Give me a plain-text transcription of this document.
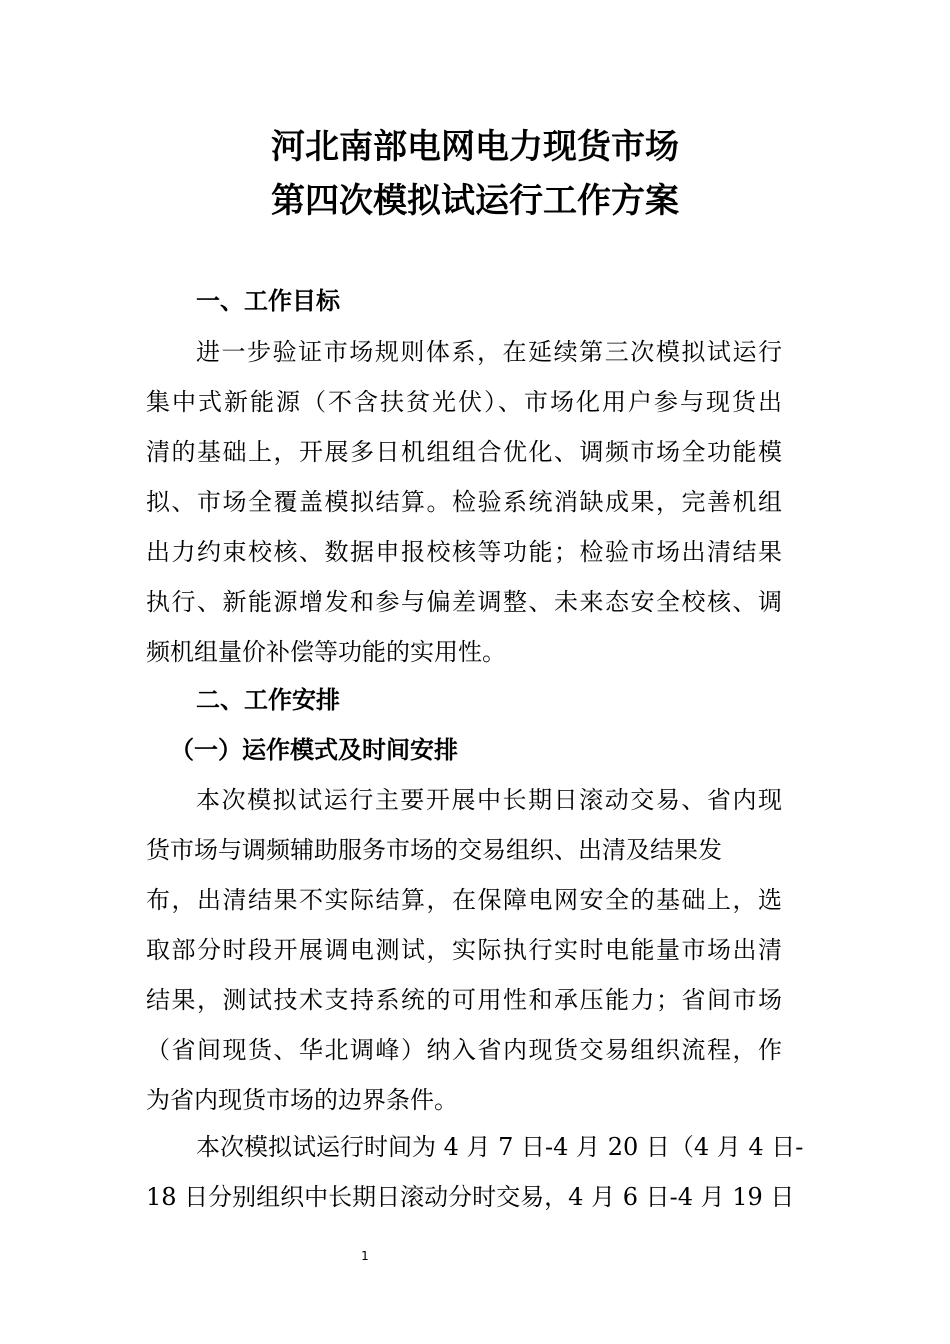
河北南部电网电力现货市场
第四次模拟试运行工作方案
一、工作目标
进一步验证市场规则体系，在延续第三次模拟试运行
集中式新能源（不含扶贫光伏）、市场化用户参与现货出
清的基础上，开展多日机组组合优化、调频市场全功能模
拟、市场全覆盖模拟结算。检验系统消缺成果，完善机组
出力约束校核、数据申报校核等功能；检验市场出清结果
执行、新能源增发和参与偏差调整、未来态安全校核、调
频机组量价补偿等功能的实用性。
二、工作安排
（一）运作模式及时间安排
本次模拟试运行主要开展中长期日滚动交易、省内现
货市场与调频辅助服务市场的交易组织、出清及结果发
布，出清结果不实际结算，在保障电网安全的基础上，选
取部分时段开展调电测试，实际执行实时电能量市场出清
结果，测试技术支持系统的可用性和承压能力；省间市场
（省间现货、华北调峰）纳入省内现货交易组织流程，作
为省内现货市场的边界条件。
本次模拟试运行时间为 4 月 7 日-4 月 20 日（4 月 4 日-
18 日分别组织中长期日滚动分时交易，4 月 6 日-4 月 19 日
1
